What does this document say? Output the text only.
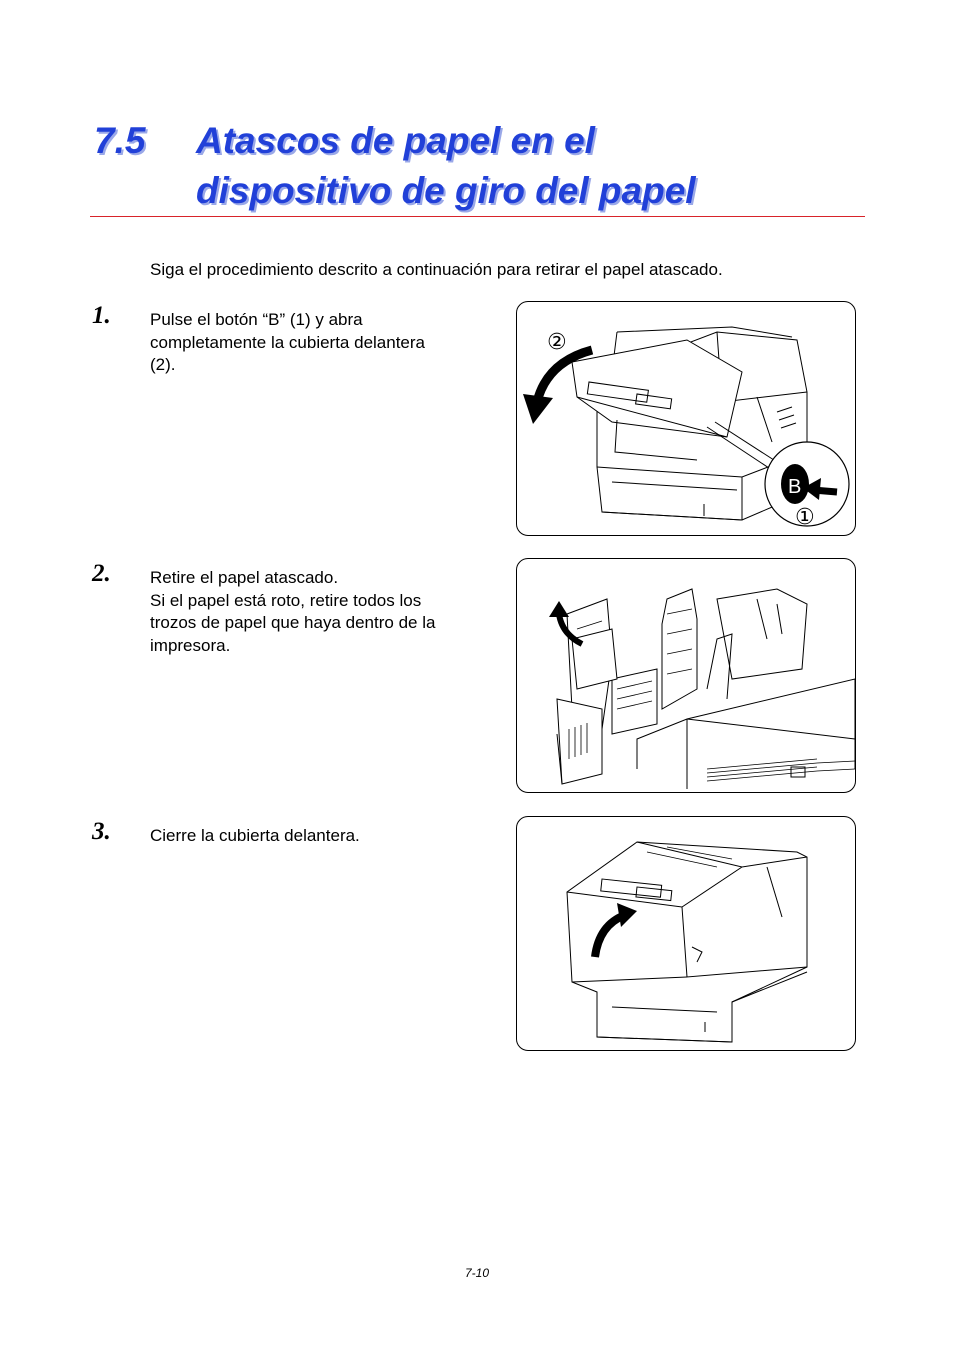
7.5 Atascos de papel en el
dispositivo de giro del papel
Siga el procedimiento descrito a continuación para retirar el papel atascado.
1. Pulse el botón “B” (1) y abra
completamente la cubierta delantera
(2).
B
②
①
2. Retire el papel atascado.
Si el papel está roto, retire todos los
trozos de papel que haya dentro de la
impresora.
3. Cierre la cubierta delantera.
7-10
